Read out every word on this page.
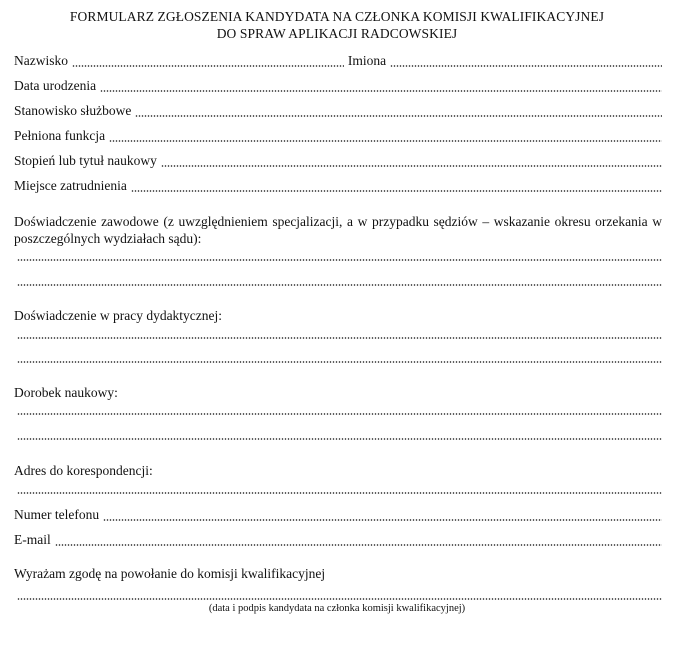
FORMULARZ ZGŁOSZENIA KANDYDATA NA CZŁONKA KOMISJI KWALIFIKACYJNEJ
DO SPRAW APLIKACJI RADCOWSKIEJ
Nazwisko	Imiona
Data urodzenia
Stanowisko służbowe
Pełniona funkcja
Stopień lub tytuł naukowy
Miejsce zatrudnienia
Doświadczenie zawodowe (z uwzględnieniem specjalizacji, a w przypadku sędziów – wskazanie okresu orzekania w poszczególnych wydziałach sądu):
Doświadczenie w pracy dydaktycznej:
Dorobek naukowy:
Adres do korespondencji:
Numer telefonu
E-mail
Wyrażam zgodę na powołanie do komisji kwalifikacyjnej
(data i podpis kandydata na członka komisji kwalifikacyjnej)
